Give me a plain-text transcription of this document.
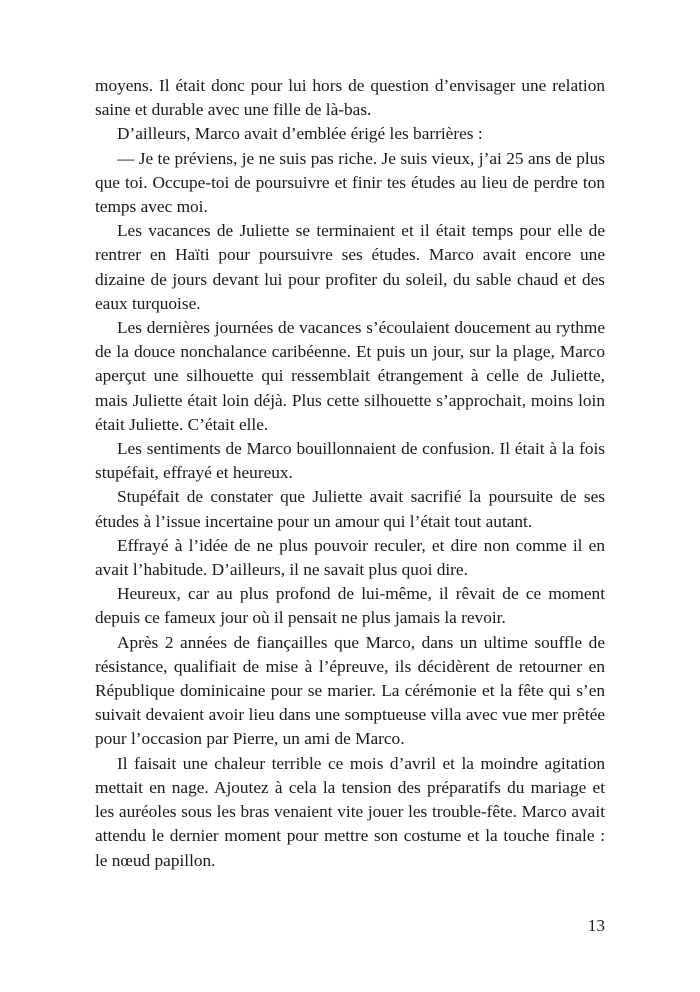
moyens. Il était donc pour lui hors de question d’envisager une relation saine et durable avec une fille de là-bas.

D’ailleurs, Marco avait d’emblée érigé les barrières :

— Je te préviens, je ne suis pas riche. Je suis vieux, j’ai 25 ans de plus que toi. Occupe-toi de poursuivre et finir tes études au lieu de perdre ton temps avec moi.

Les vacances de Juliette se terminaient et il était temps pour elle de rentrer en Haïti pour poursuivre ses études. Marco avait encore une dizaine de jours devant lui pour profiter du soleil, du sable chaud et des eaux turquoise.

Les dernières journées de vacances s’écoulaient doucement au rythme de la douce nonchalance caribéenne. Et puis un jour, sur la plage, Marco aperçut une silhouette qui ressemblait étrangement à celle de Juliette, mais Juliette était loin déjà. Plus cette silhouette s’approchait, moins loin était Juliette. C’était elle.

Les sentiments de Marco bouillonnaient de confusion. Il était à la fois stupéfait, effrayé et heureux.

Stupéfait de constater que Juliette avait sacrifié la poursuite de ses études à l’issue incertaine pour un amour qui l’était tout autant.

Effrayé à l’idée de ne plus pouvoir reculer, et dire non comme il en avait l’habitude. D’ailleurs, il ne savait plus quoi dire.

Heureux, car au plus profond de lui-même, il rêvait de ce moment depuis ce fameux jour où il pensait ne plus jamais la revoir.

Après 2 années de fiançailles que Marco, dans un ultime souffle de résistance, qualifiait de mise à l’épreuve, ils décidèrent de retourner en République dominicaine pour se marier. La cérémonie et la fête qui s’en suivait devaient avoir lieu dans une somptueuse villa avec vue mer prêtée pour l’occasion par Pierre, un ami de Marco.

Il faisait une chaleur terrible ce mois d’avril et la moindre agitation mettait en nage. Ajoutez à cela la tension des préparatifs du mariage et les auréoles sous les bras venaient vite jouer les trouble-fête. Marco avait attendu le dernier moment pour mettre son costume et la touche finale : le nœud papillon.

13
